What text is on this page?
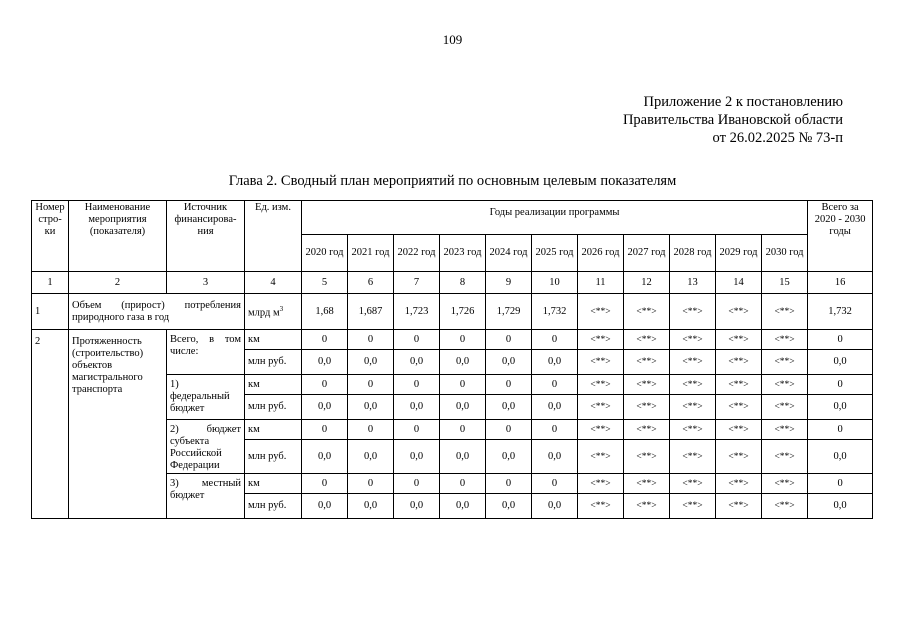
109
Приложение 2 к постановлению
Правительства Ивановской области
от 26.02.2025 № 73-п
Глава 2. Сводный план мероприятий по основным целевым показателям
Номер стро-ки	Наименование мероприятия (показателя)	Источник финансирова-ния	Ед. изм.	Годы реализации программы											Всего за 2020 - 2030 годы
				2020 год	2021 год	2022 год	2023 год	2024 год	2025 год	2026 год	2027 год	2028 год	2029 год	2030 год	
1	2	3	4	5	6	7	8	9	10	11	12	13	14	15	16
1	Объем (прирост) потребления природного газа в год		млрд $м^3$	1,68	1,687	1,723	1,726	1,729	1,732	<**>	<**>	<**>	<**>	<**>	1,732
2	Протяженность (строительство) объектов магистрального транспорта	Всего, в том числе:	км	0	0	0	0	0	0	<**>	<**>	<**>	<**>	<**>	0
			млн руб.	0,0	0,0	0,0	0,0	0,0	0,0	<**>	<**>	<**>	<**>	<**>	0,0
		1) федеральный бюджет	км	0	0	0	0	0	0	<**>	<**>	<**>	<**>	<**>	0
			млн руб.	0,0	0,0	0,0	0,0	0,0	0,0	<**>	<**>	<**>	<**>	<**>	0,0
		2) бюджет субъекта Российской Федерации	км	0	0	0	0	0	0	<**>	<**>	<**>	<**>	<**>	0
			млн руб.	0,0	0,0	0,0	0,0	0,0	0,0	<**>	<**>	<**>	<**>	<**>	0,0
		3) местный бюджет	км	0	0	0	0	0	0	<**>	<**>	<**>	<**>	<**>	0
			млн руб.	0,0	0,0	0,0	0,0	0,0	0,0	<**>	<**>	<**>	<**>	<**>	0,0
